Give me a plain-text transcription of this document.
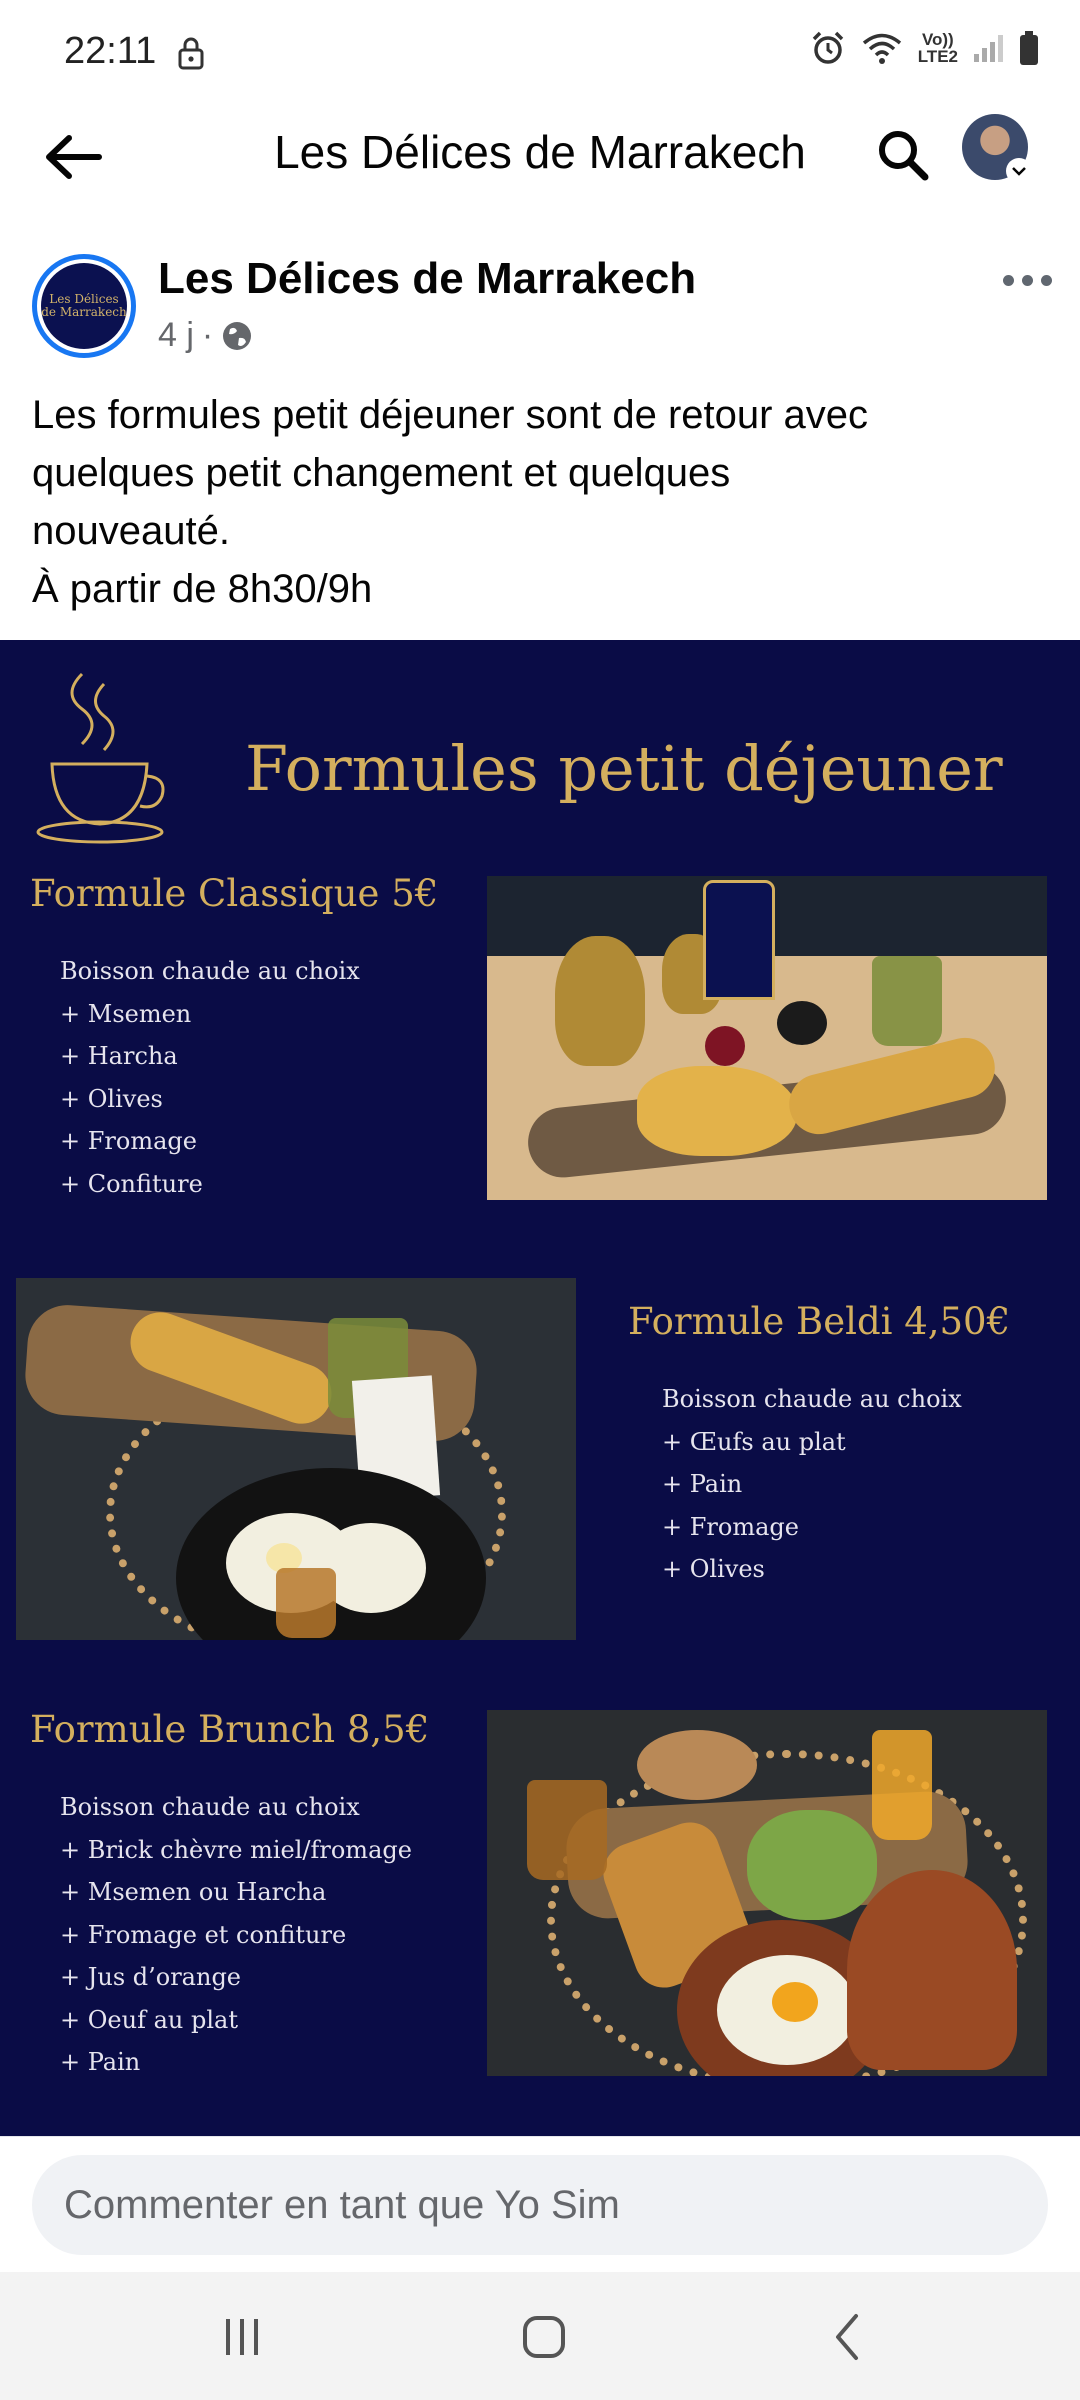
22:11	Vo))
LTE2
Les Délices de Marrakech
Les Délices de Marrakech
Les Délices de Marrakech
4 j ·
Les formules petit déjeuner sont de retour avec
quelques petit changement et quelques
nouveauté.
À partir de 8h30/9h
Formules petit déjeuner
Formule Classique 5€
Boisson chaude au choix
+ Msemen
+ Harcha
+ Olives
+ Fromage
+ Confiture
Formule Beldi 4,50€
Boisson chaude au choix
+ Œufs au plat
+ Pain
+ Fromage
+ Olives
Formule Brunch 8,5€
Boisson chaude au choix
+ Brick chèvre miel/fromage
+ Msemen ou Harcha
+ Fromage et confiture
+ Jus d’orange
+ Oeuf au plat
+ Pain
Commenter en tant que Yo Sim
